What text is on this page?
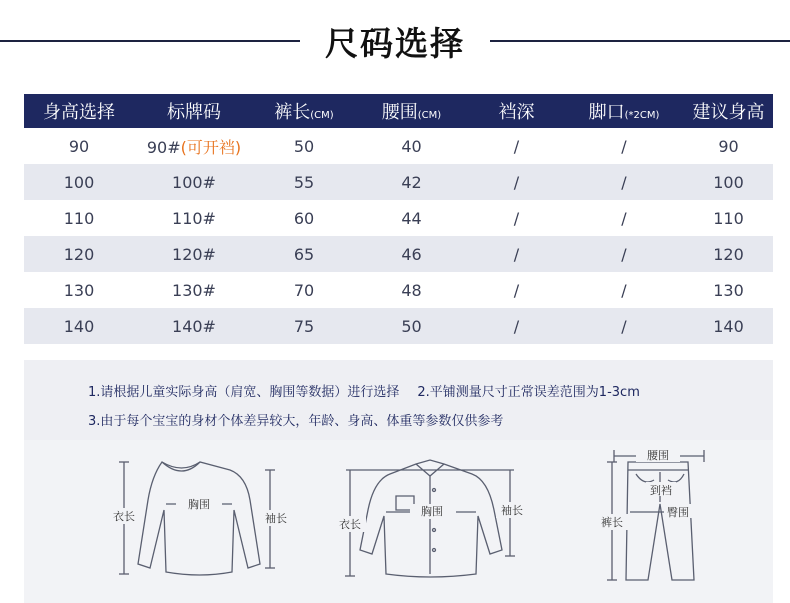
尺码选择
身高选择	标牌码	裤长(CM)	腰围(CM)	裆深	脚口(*2CM)	建议身高
90	90#(可开裆)	50	40	/	/	90
100	100#	55	42	/	/	100
110	110#	60	44	/	/	110
120	120#	65	46	/	/	120
130	130#	70	48	/	/	130
140	140#	75	50	/	/	140
1.请根据儿童实际身高（肩宽、胸围等数据）进行选择 2.平铺测量尺寸正常误差范围为1-3cm
3.由于每个宝宝的身材个体差异较大，年龄、身高、体重等参数仅供参考
衣长
胸围
袖长	衣长
胸围	袖长
腰围
到裆
臀围
裤长
